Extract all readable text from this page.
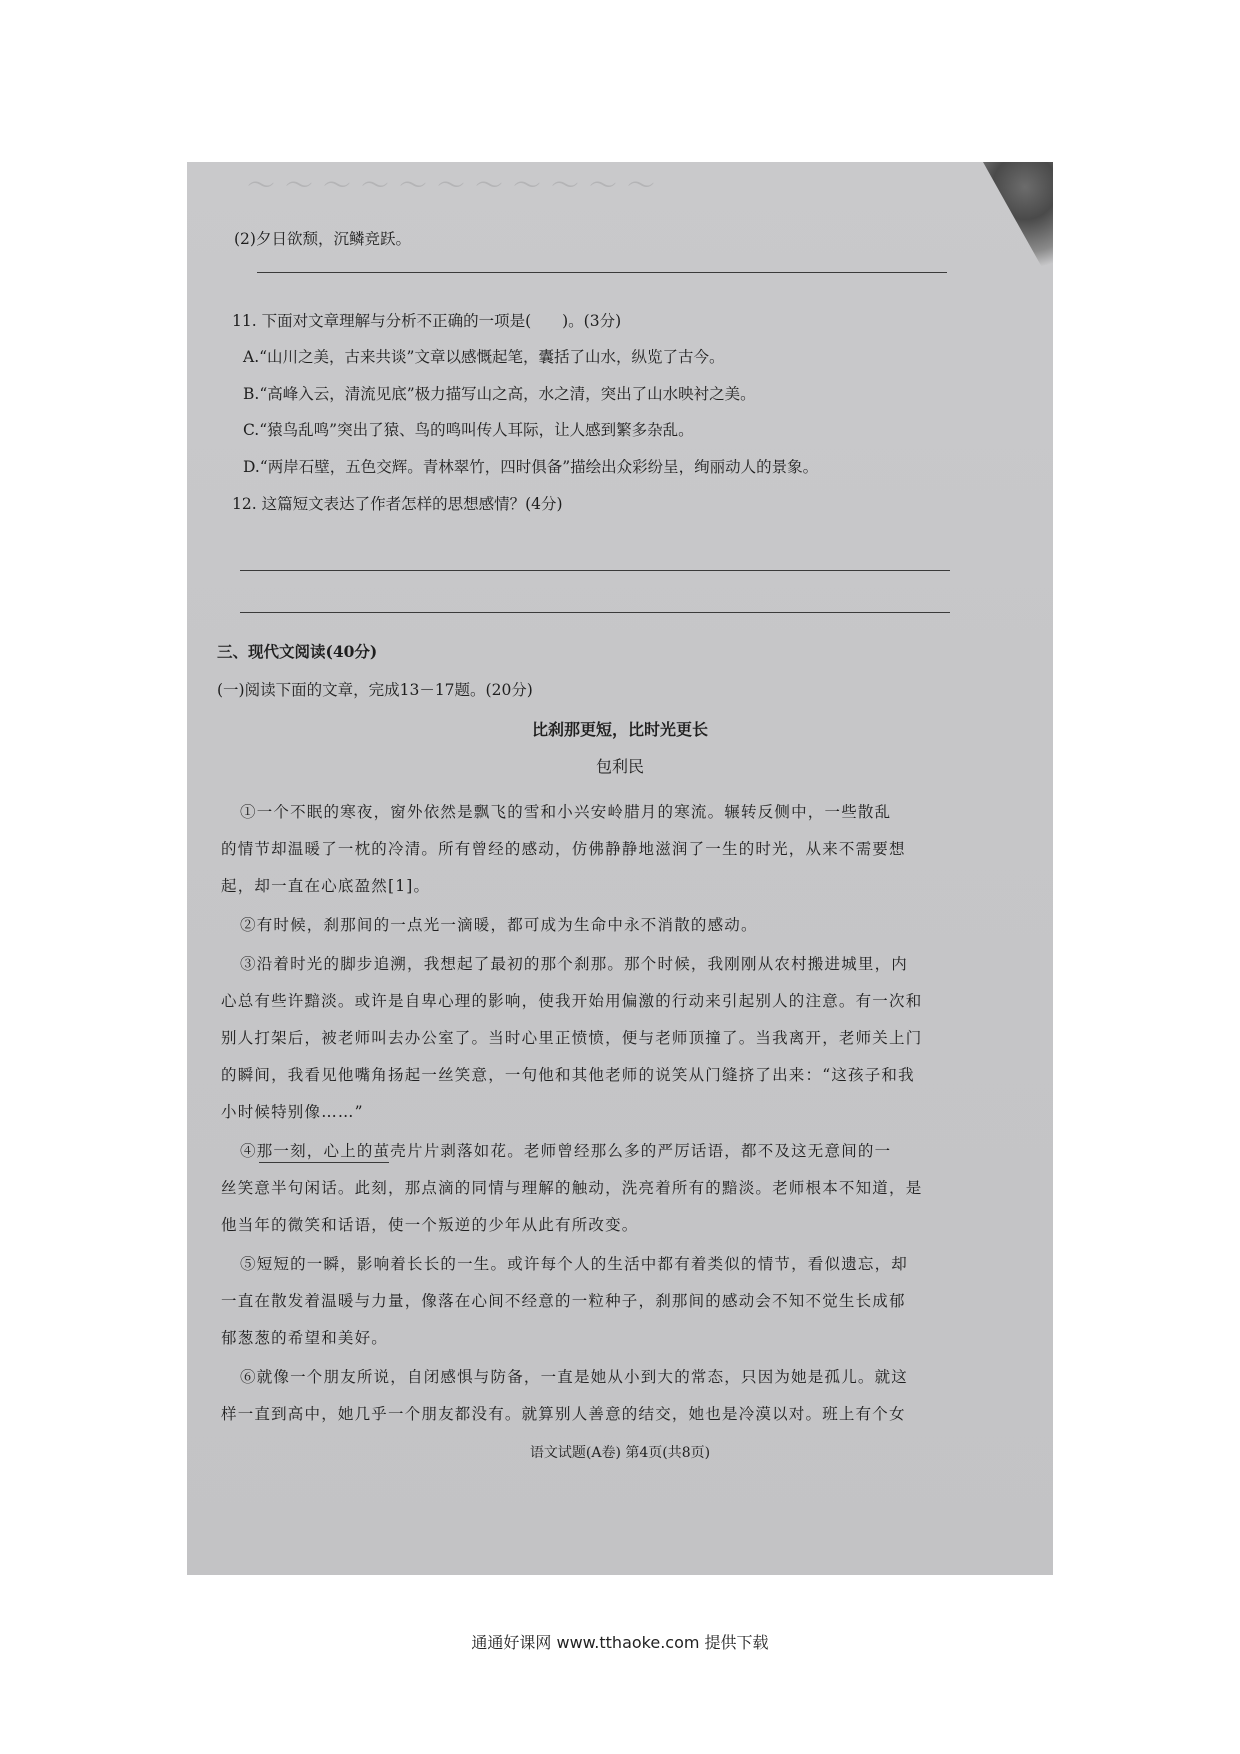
〜〜〜〜〜〜〜〜〜〜〜
(2)夕日欲颓，沉鳞竞跃。
11. 下面对文章理解与分析不正确的一项是(　　)。(3分)
A.“山川之美，古来共谈”文章以感慨起笔，囊括了山水，纵览了古今。
B.“高峰入云，清流见底”极力描写山之高，水之清，突出了山水映衬之美。
C.“猿鸟乱鸣”突出了猿、鸟的鸣叫传人耳际，让人感到繁多杂乱。
D.“两岸石壁，五色交辉。青林翠竹，四时俱备”描绘出众彩纷呈，绚丽动人的景象。
12. 这篇短文表达了作者怎样的思想感情？(4分)
三、现代文阅读(40分)
(一)阅读下面的文章，完成13－17题。(20分)
比刹那更短，比时光更长
包利民
①一个不眠的寒夜，窗外依然是飘飞的雪和小兴安岭腊月的寒流。辗转反侧中，一些散乱
的情节却温暖了一枕的冷清。所有曾经的感动，仿佛静静地滋润了一生的时光，从来不需要想
起，却一直在心底盈然[1]。
②有时候，刹那间的一点光一滴暖，都可成为生命中永不消散的感动。
③沿着时光的脚步追溯，我想起了最初的那个刹那。那个时候，我刚刚从农村搬进城里，内
心总有些许黯淡。或许是自卑心理的影响，使我开始用偏激的行动来引起别人的注意。有一次和
别人打架后，被老师叫去办公室了。当时心里正愤愤，便与老师顶撞了。当我离开，老师关上门
的瞬间，我看见他嘴角扬起一丝笑意，一句他和其他老师的说笑从门缝挤了出来：“这孩子和我
小时候特别像……”
④那一刻，心上的茧壳片片剥落如花。老师曾经那么多的严厉话语，都不及这无意间的一
丝笑意半句闲话。此刻，那点滴的同情与理解的触动，洗亮着所有的黯淡。老师根本不知道，是
他当年的微笑和话语，使一个叛逆的少年从此有所改变。
⑤短短的一瞬，影响着长长的一生。或许每个人的生活中都有着类似的情节，看似遗忘，却
一直在散发着温暖与力量，像落在心间不经意的一粒种子，刹那间的感动会不知不觉生长成郁
郁葱葱的希望和美好。
⑥就像一个朋友所说，自闭感惧与防备，一直是她从小到大的常态，只因为她是孤儿。就这
样一直到高中，她几乎一个朋友都没有。就算别人善意的结交，她也是冷漠以对。班上有个女
语文试题(A卷) 第4页(共8页)
通通好课网 www.tthaoke.com 提供下载
